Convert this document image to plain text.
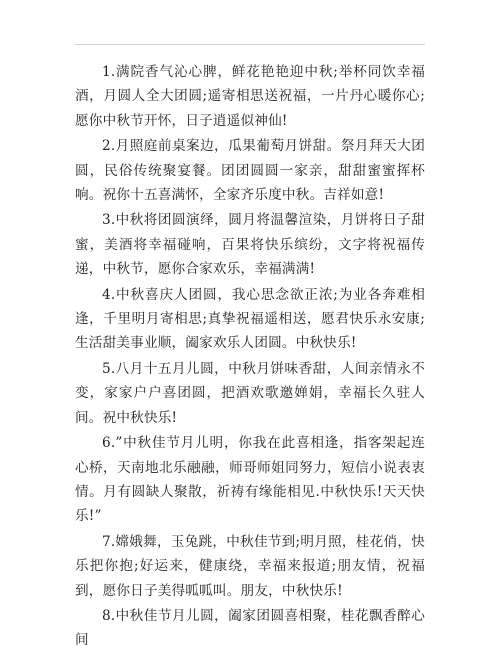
1.满院香气沁心脾，鲜花艳艳迎中秋;举杯同饮幸福酒，月圆人全大团圆;遥寄相思送祝福，一片丹心暖你心;愿你中秋节开怀，日子逍遥似神仙!

2.月照庭前桌案边，瓜果葡萄月饼甜。祭月拜天大团圆，民俗传统聚宴餐。团团圆圆一家亲，甜甜蜜蜜挥杯响。祝你十五喜满怀，全家齐乐度中秋。吉祥如意!

3.中秋将团圆演绎，圆月将温馨渲染，月饼将日子甜蜜，美酒将幸福碰响，百果将快乐缤纷，文字将祝福传递，中秋节，愿你合家欢乐，幸福满满!

4.中秋喜庆人团圆，我心思念欲正浓;为业各奔难相逢，千里明月寄相思;真挚祝福遥相送，愿君快乐永安康;生活甜美事业顺，阖家欢乐人团圆。中秋快乐!

5.八月十五月儿圆，中秋月饼味香甜，人间亲情永不变，家家户户喜团圆，把酒欢歌邀婵娟，幸福长久驻人间。祝中秋快乐!

6.”中秋佳节月儿明，你我在此喜相逢，指客架起连心桥，天南地北乐融融，师哥师姐同努力，短信小说表衷情。月有圆缺人聚散，祈祷有缘能相见.中秋快乐!天天快乐!”

7.嫦娥舞，玉兔跳，中秋佳节到;明月照，桂花俏，快乐把你抱;好运来，健康绕，幸福来报道;朋友情，祝福到，愿你日子美得呱呱叫。朋友，中秋快乐!

8.中秋佳节月儿圆，阖家团圆喜相聚，桂花飘香醉心间
